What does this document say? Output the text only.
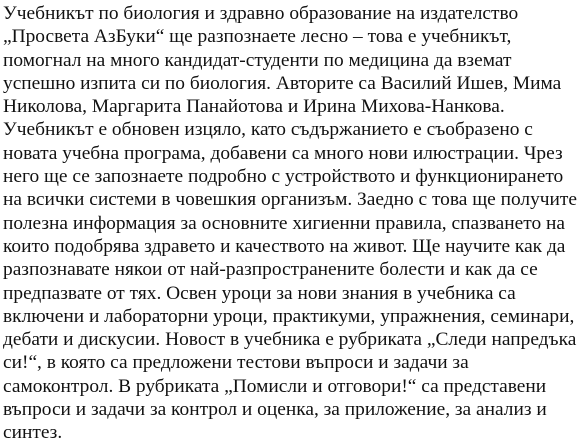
Учебникът по биология и здравно образование на издателство
„Просвета АзБуки“ ще разпознаете лесно – това е учебникът,
помогнал на много кандидат-студенти по медицина да вземат
успешно изпита си по биология. Авторите са Василий Ишев, Мима
Николова, Маргарита Панайотова и Ирина Михова-Нанкова.
Учебникът е обновен изцяло, като съдържанието е съобразено с
новата учебна програма, добавени са много нови илюстрации. Чрез
него ще се запознаете подробно с устройството и функционирането
на всички системи в човешкия организъм. Заедно с това ще получите
полезна информация за основните хигиенни правила, спазването на
които подобрява здравето и качеството на живот. Ще научите как да
разпознавате някои от най-разпространените болести и как да се
предпазвате от тях. Освен уроци за нови знания в учебника са
включени и лабораторни уроци, практикуми, упражнения, семинари,
дебати и дискусии. Новост в учебника е рубриката „Следи напредъка
си!“, в която са предложени тестови въпроси и задачи за
самоконтрол. В рубриката „Помисли и отговори!“ са представени
въпроси и задачи за контрол и оценка, за приложение, за анализ и
синтез.
